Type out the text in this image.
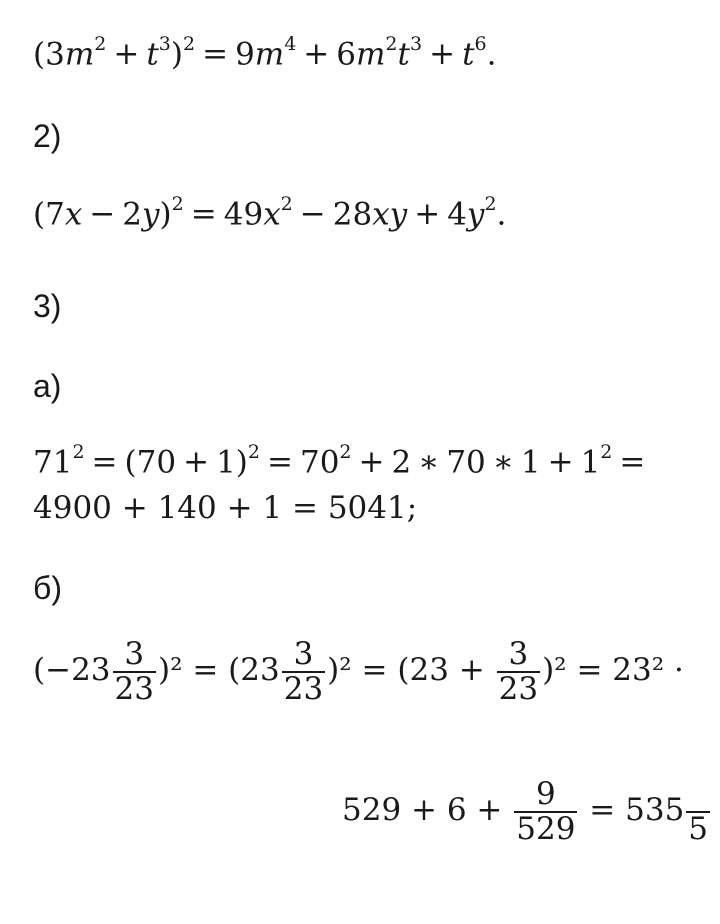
$(3m^2 + t^3)^2 = 9m^4 + 6m^2t^3 + t^6$.
2)
$(7x - 2y)^2 = 49x^2 - 28xy + 4y^2$.
3)
а)
$71^2 = (70 + 1)^2 = 70^2 + 2$ ∗ 70 ∗ $1 + 1^2$ =
4900 + 140 + 1 = 5041;
б)
$(-23 \frac{3}{23} )^2 = (23 \frac{3}{23} )^2 = (23 + \frac{3}{23} )^2 = 23^2$ ·
$529 + 6 + \frac{9}{529} = 535$

5
